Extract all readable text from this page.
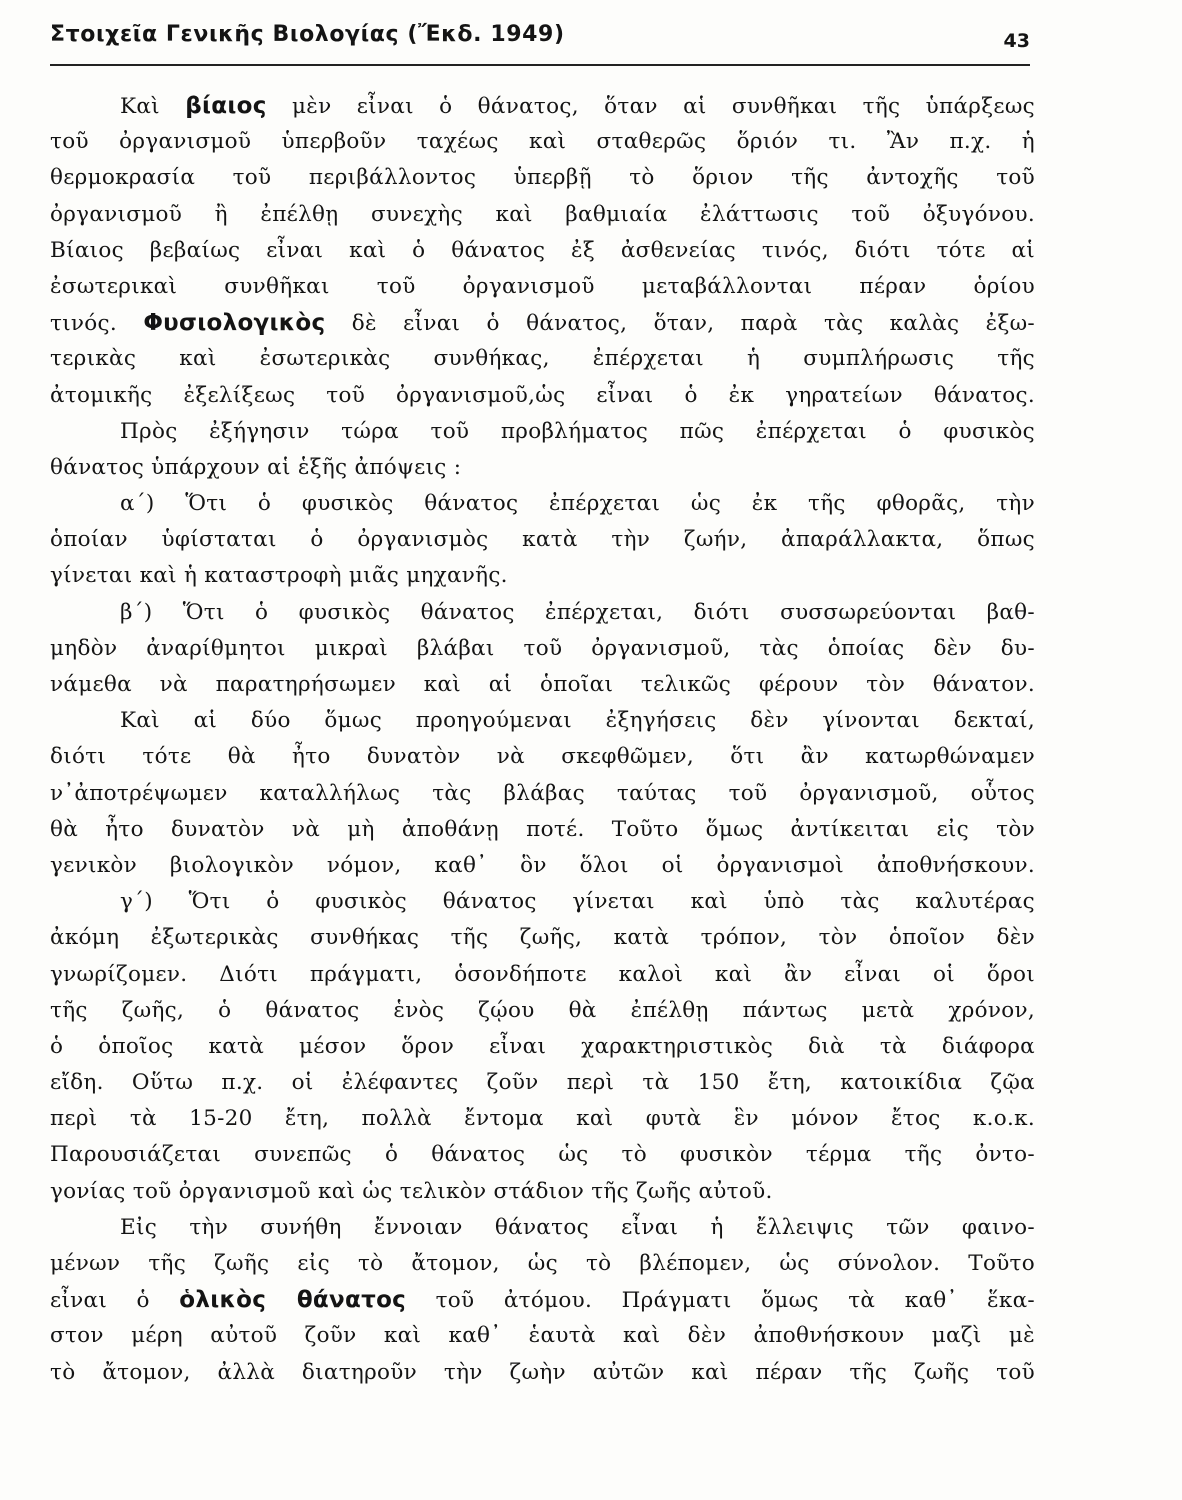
Στοιχεῖα Γενικῆς Βιολογίας (Ἔκδ. 1949)	43
Καὶ βίαιος μὲν εἶναι ὁ θάνατος, ὅταν αἱ συνθῆκαι τῆς ὑπάρξεως
τοῦ ὀργανισμοῦ ὑπερβοῦν ταχέως καὶ σταθερῶς ὅριόν τι. Ἂν π.χ. ἡ
θερμοκρασία τοῦ περιβάλλοντος ὑπερβῇ τὸ ὅριον τῆς ἀντοχῆς τοῦ
ὀργανισμοῦ ἢ ἐπέλθῃ συνεχὴς καὶ βαθμιαία ἐλάττωσις τοῦ ὀξυγόνου.
Βίαιος βεβαίως εἶναι καὶ ὁ θάνατος ἐξ ἀσθενείας τινός, διότι τότε αἱ
ἐσωτερικαὶ συνθῆκαι τοῦ ὀργανισμοῦ μεταβάλλονται πέραν ὁρίου
τινός. Φυσιολογικὸς δὲ εἶναι ὁ θάνατος, ὅταν, παρὰ τὰς καλὰς ἐξω-
τερικὰς καὶ ἐσωτερικὰς συνθήκας, ἐπέρχεται ἡ συμπλήρωσις τῆς
ἀτομικῆς ἐξελίξεως τοῦ ὀργανισμοῦ,ὡς εἶναι ὁ ἐκ γηρατείων θάνατος.
Πρὸς ἐξήγησιν τώρα τοῦ προβλήματος πῶς ἐπέρχεται ὁ φυσικὸς
θάνατος ὑπάρχουν αἱ ἑξῆς ἀπόψεις :
α΄) Ὅτι ὁ φυσικὸς θάνατος ἐπέρχεται ὡς ἐκ τῆς φθορᾶς, τὴν
ὁποίαν ὑφίσταται ὁ ὀργανισμὸς κατὰ τὴν ζωήν, ἀπαράλλακτα, ὅπως
γίνεται καὶ ἡ καταστροφὴ μιᾶς μηχανῆς.
β΄) Ὅτι ὁ φυσικὸς θάνατος ἐπέρχεται, διότι συσσωρεύονται βαθ-
μηδὸν ἀναρίθμητοι μικραὶ βλάβαι τοῦ ὀργανισμοῦ, τὰς ὁποίας δὲν δυ-
νάμεθα νὰ παρατηρήσωμεν καὶ αἱ ὁποῖαι τελικῶς φέρουν τὸν θάνατον.
Καὶ αἱ δύο ὅμως προηγούμεναι ἐξηγήσεις δὲν γίνονται δεκταί,
διότι τότε θὰ ἦτο δυνατὸν νὰ σκεφθῶμεν, ὅτι ἂν κατωρθώναμεν
ν᾽ἀποτρέψωμεν καταλλήλως τὰς βλάβας ταύτας τοῦ ὀργανισμοῦ, οὗτος
θὰ ἦτο δυνατὸν νὰ μὴ ἀποθάνῃ ποτέ. Τοῦτο ὅμως ἀντίκειται εἰς τὸν
γενικὸν βιολογικὸν νόμον, καθ᾽ ὃν ὅλοι οἱ ὀργανισμοὶ ἀποθνήσκουν.
γ΄) Ὅτι ὁ φυσικὸς θάνατος γίνεται καὶ ὑπὸ τὰς καλυτέρας
ἀκόμη ἐξωτερικὰς συνθήκας τῆς ζωῆς, κατὰ τρόπον, τὸν ὁποῖον δὲν
γνωρίζομεν. Διότι πράγματι, ὁσονδήποτε καλοὶ καὶ ἂν εἶναι οἱ ὅροι
τῆς ζωῆς, ὁ θάνατος ἑνὸς ζῴου θὰ ἐπέλθῃ πάντως μετὰ χρόνον,
ὁ ὁποῖος κατὰ μέσον ὅρον εἶναι χαρακτηριστικὸς διὰ τὰ διάφορα
εἴδη. Οὕτω π.χ. οἱ ἐλέφαντες ζοῦν περὶ τὰ 150 ἔτη, κατοικίδια ζῷα
περὶ τὰ 15-20 ἔτη, πολλὰ ἔντομα καὶ φυτὰ ἓν μόνον ἔτος κ.ο.κ.
Παρουσιάζεται συνεπῶς ὁ θάνατος ὡς τὸ φυσικὸν τέρμα τῆς ὀντο-
γονίας τοῦ ὀργανισμοῦ καὶ ὡς τελικὸν στάδιον τῆς ζωῆς αὐτοῦ.
Εἰς τὴν συνήθη ἔννοιαν θάνατος εἶναι ἡ ἔλλειψις τῶν φαινο-
μένων τῆς ζωῆς εἰς τὸ ἄτομον, ὡς τὸ βλέπομεν, ὡς σύνολον. Τοῦτο
εἶναι ὁ ὁλικὸς θάνατος τοῦ ἀτόμου. Πράγματι ὅμως τὰ καθ᾽ ἕκα-
στον μέρη αὐτοῦ ζοῦν καὶ καθ᾽ ἑαυτὰ καὶ δὲν ἀποθνήσκουν μαζὶ μὲ
τὸ ἄτομον, ἀλλὰ διατηροῦν τὴν ζωὴν αὐτῶν καὶ πέραν τῆς ζωῆς τοῦ
